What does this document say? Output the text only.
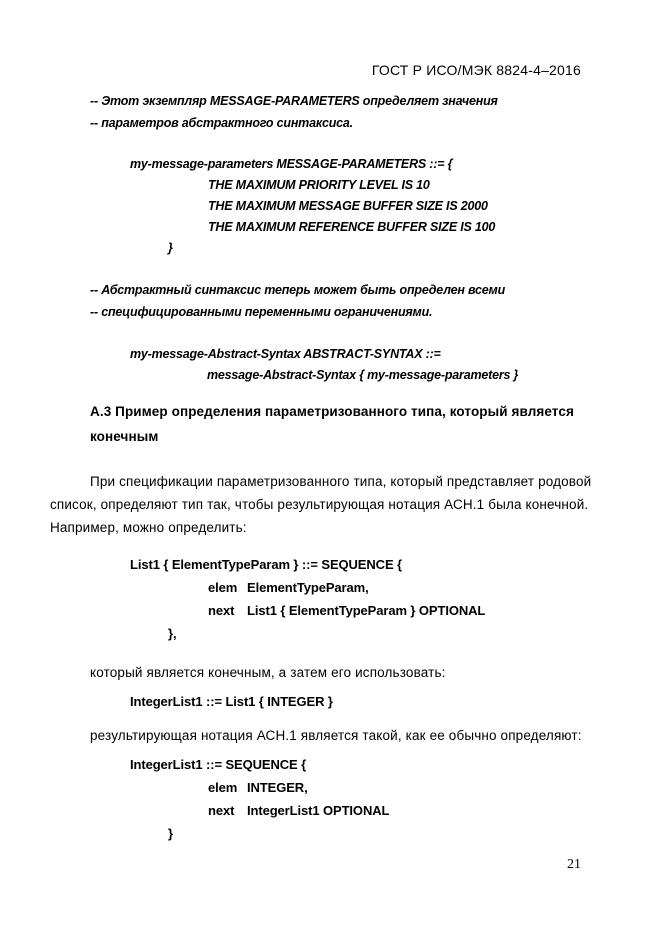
ГОСТ Р ИСО/МЭК 8824-4–2016
-- Этот экземпляр MESSAGE-PARAMETERS определяет значения
-- параметров абстрактного синтаксиса.
my-message-parameters MESSAGE-PARAMETERS ::= {
THE MAXIMUM PRIORITY LEVEL IS 10
THE MAXIMUM MESSAGE BUFFER SIZE IS 2000
THE MAXIMUM REFERENCE BUFFER SIZE IS 100
}
-- Абстрактный синтаксис теперь может быть определен всеми
-- специфицированными переменными ограничениями.
my-message-Abstract-Syntax ABSTRACT-SYNTAX ::=
message-Abstract-Syntax { my-message-parameters }
А.3 Пример определения параметризованного типа, который является
конечным
При спецификации параметризованного типа, который представляет родовой
список, определяют тип так, чтобы результирующая нотация АСН.1 была конечной.
Например, можно определить:
List1 { ElementTypeParam } ::= SEQUENCE {
elem ElementTypeParam,
next List1 { ElementTypeParam } OPTIONAL
},
который является конечным, а затем его использовать:
IntegerList1 ::= List1 { INTEGER }
результирующая нотация АСН.1 является такой, как ее обычно определяют:
IntegerList1 ::= SEQUENCE {
elem INTEGER,
next IntegerList1 OPTIONAL
}
21
